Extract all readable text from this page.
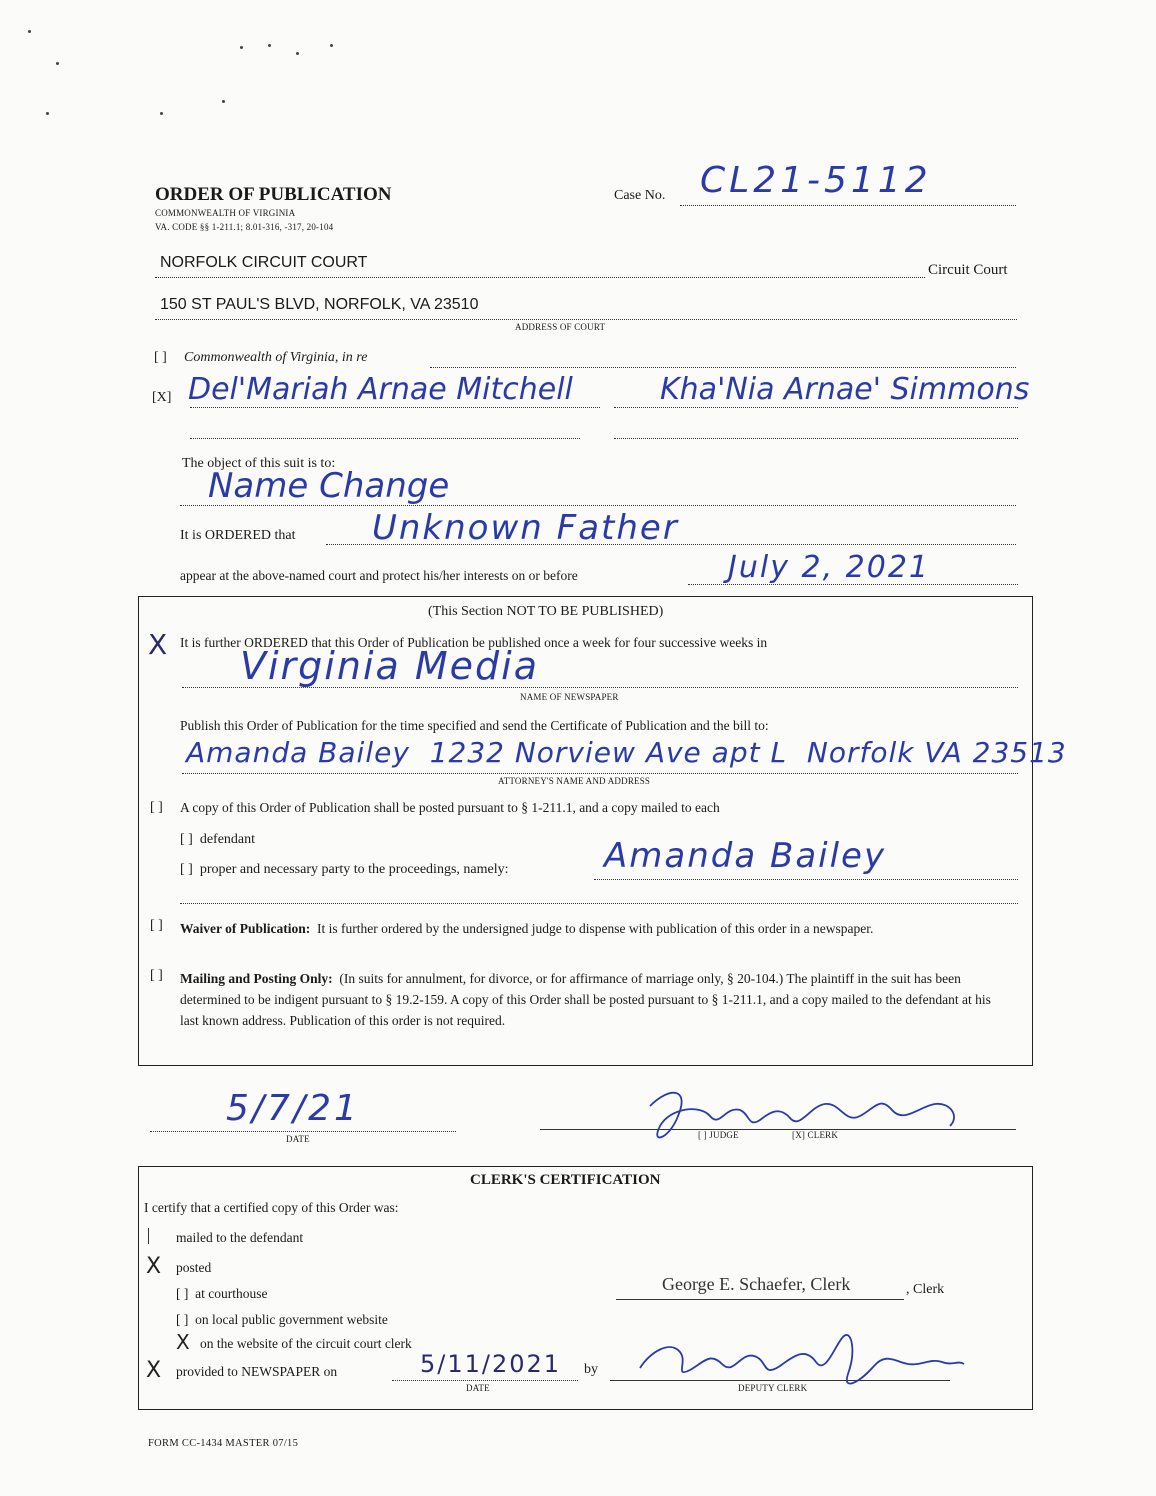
ORDER OF PUBLICATION
COMMONWEALTH OF VIRGINIA
VA. CODE §§ 1-211.1; 8.01-316, -317, 20-104
Case No. CL21-5112
NORFOLK CIRCUIT COURT	Circuit Court
150 ST PAUL'S BLVD, NORFOLK, VA 23510
ADDRESS OF COURT
[ ] Commonwealth of Virginia, in re
[X] Del'Mariah Arnae Mitchell	Kha'Nia Arnae' Simmons
The object of this suit is to:
Name Change
It is ORDERED that Unknown Father
appear at the above-named court and protect his/her interests on or before	July 2, 2021
(This Section NOT TO BE PUBLISHED)
X It is further ORDERED that this Order of Publication be published once a week for four successive weeks in
Virginia Media
NAME OF NEWSPAPER
Publish this Order of Publication for the time specified and send the Certificate of Publication and the bill to:
Amanda Bailey  1232 Norview Ave apt L  Norfolk VA 23513
ATTORNEY'S NAME AND ADDRESS
[ ] A copy of this Order of Publication shall be posted pursuant to § 1-211.1, and a copy mailed to each
[ ]  defendant
[ ]  proper and necessary party to the proceedings, namely:	Amanda Bailey
[ ] Waiver of Publication: It is further ordered by the undersigned judge to dispense with publication of this order in a newspaper.
[ ] Mailing and Posting Only: (In suits for annulment, for divorce, or for affirmance of marriage only, § 20-104.) The plaintiff in the suit has been determined to be indigent pursuant to § 19.2-159. A copy of this Order shall be posted pursuant to § 1-211.1, and a copy mailed to the defendant at his last known address. Publication of this order is not required.
5/7/21
DATE	[ ] JUDGE	[X] CLERK
CLERK'S CERTIFICATION
I certify that a certified copy of this Order was:
mailed to the defendant
X posted
[ ]  at courthouse
[ ]  on local public government website
X on the website of the circuit court clerk
X provided to NEWSPAPER on	5/11/2021
DATE
by
DEPUTY CLERK
George E. Schaefer, Clerk	, Clerk
FORM CC-1434 MASTER 07/15
